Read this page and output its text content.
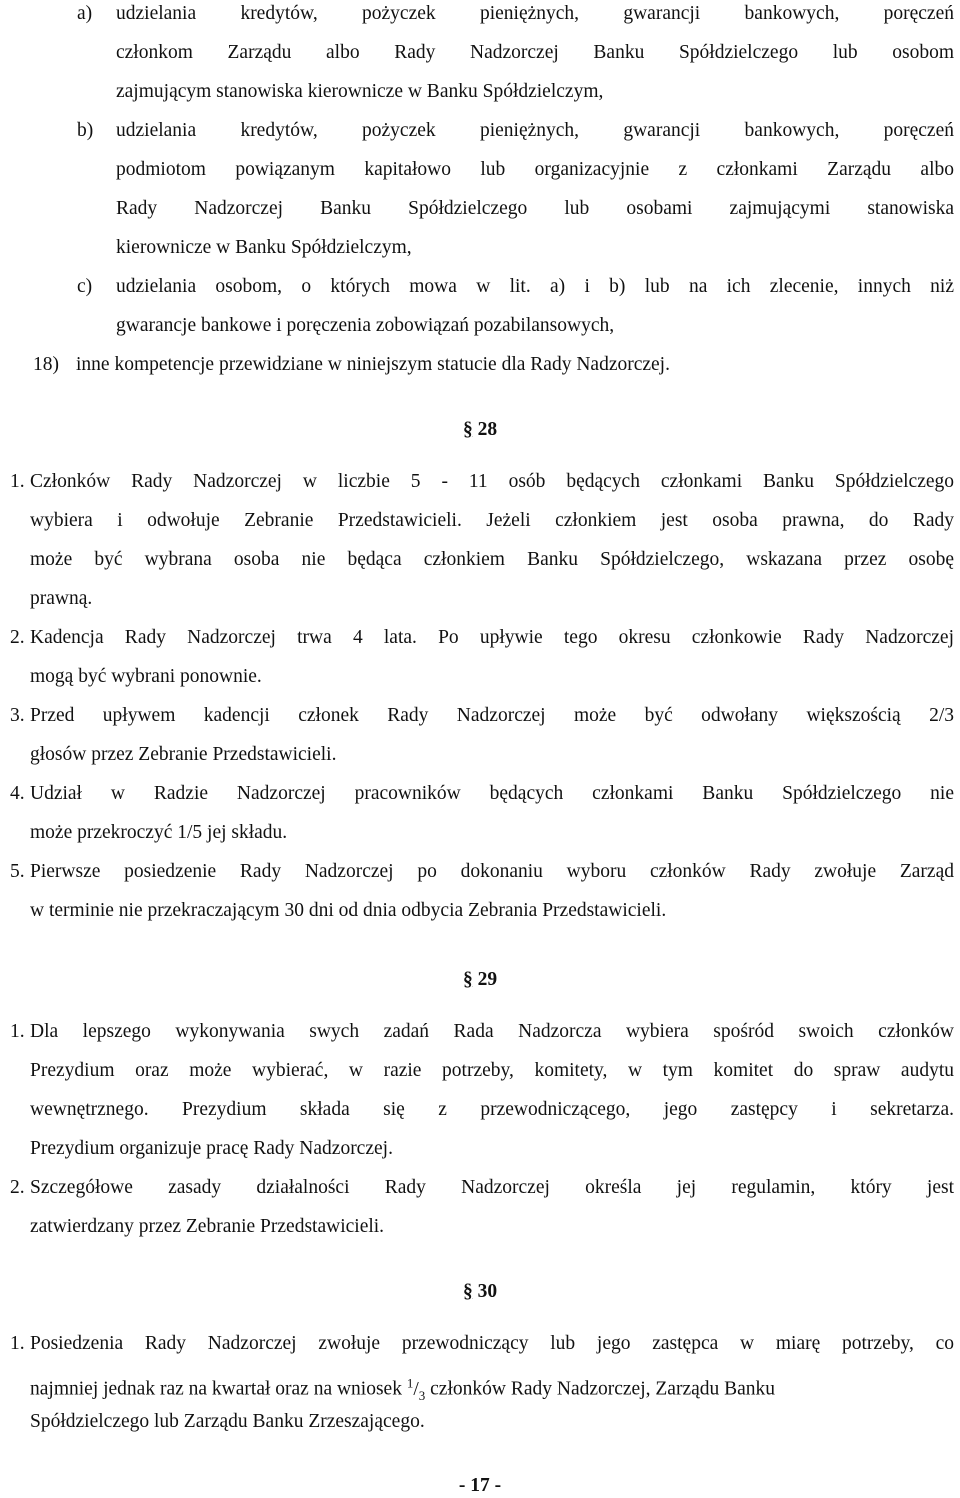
a) udzielania kredytów, pożyczek pieniężnych, gwarancji bankowych, poręczeń
członkom Zarządu albo Rady Nadzorczej Banku Spółdzielczego lub osobom
zajmującym stanowiska kierownicze w Banku Spółdzielczym,
b) udzielania kredytów, pożyczek pieniężnych, gwarancji bankowych, poręczeń
podmiotom powiązanym kapitałowo lub organizacyjnie z członkami Zarządu albo
Rady Nadzorczej Banku Spółdzielczego lub osobami zajmującymi stanowiska
kierownicze w Banku Spółdzielczym,
c) udzielania osobom, o których mowa w lit. a) i b) lub na ich zlecenie, innych niż
gwarancje bankowe i poręczenia zobowiązań pozabilansowych,
18) inne kompetencje przewidziane w niniejszym statucie dla Rady Nadzorczej.
§ 28
1. Członków Rady Nadzorczej w liczbie 5 - 11 osób będących członkami Banku Spółdzielczego
wybiera i odwołuje Zebranie Przedstawicieli. Jeżeli członkiem jest osoba prawna, do Rady
może być wybrana osoba nie będąca członkiem Banku Spółdzielczego, wskazana przez osobę
prawną.
2. Kadencja Rady Nadzorczej trwa 4 lata. Po upływie tego okresu członkowie Rady Nadzorczej
mogą być wybrani ponownie.
3. Przed upływem kadencji członek Rady Nadzorczej może być odwołany większością 2/3
głosów przez Zebranie Przedstawicieli.
4. Udział w Radzie Nadzorczej pracowników będących członkami Banku Spółdzielczego nie
może przekroczyć 1/5 jej składu.
5. Pierwsze posiedzenie Rady Nadzorczej po dokonaniu wyboru członków Rady zwołuje Zarząd
w terminie nie przekraczającym 30 dni od dnia odbycia Zebrania Przedstawicieli.
§ 29
1. Dla lepszego wykonywania swych zadań Rada Nadzorcza wybiera spośród swoich członków
Prezydium oraz może wybierać, w razie potrzeby, komitety, w tym komitet do spraw audytu
wewnętrznego. Prezydium składa się z przewodniczącego, jego zastępcy i sekretarza.
Prezydium organizuje pracę Rady Nadzorczej.
2. Szczegółowe zasady działalności Rady Nadzorczej określa jej regulamin, który jest
zatwierdzany przez Zebranie Przedstawicieli.
§ 30
1. Posiedzenia Rady Nadzorczej zwołuje przewodniczący lub jego zastępca w miarę potrzeby, co
najmniej jednak raz na kwartał oraz na wniosek $^1/_3$ członków Rady Nadzorczej, Zarządu Banku
Spółdzielczego lub Zarządu Banku Zrzeszającego.
- 17 -
